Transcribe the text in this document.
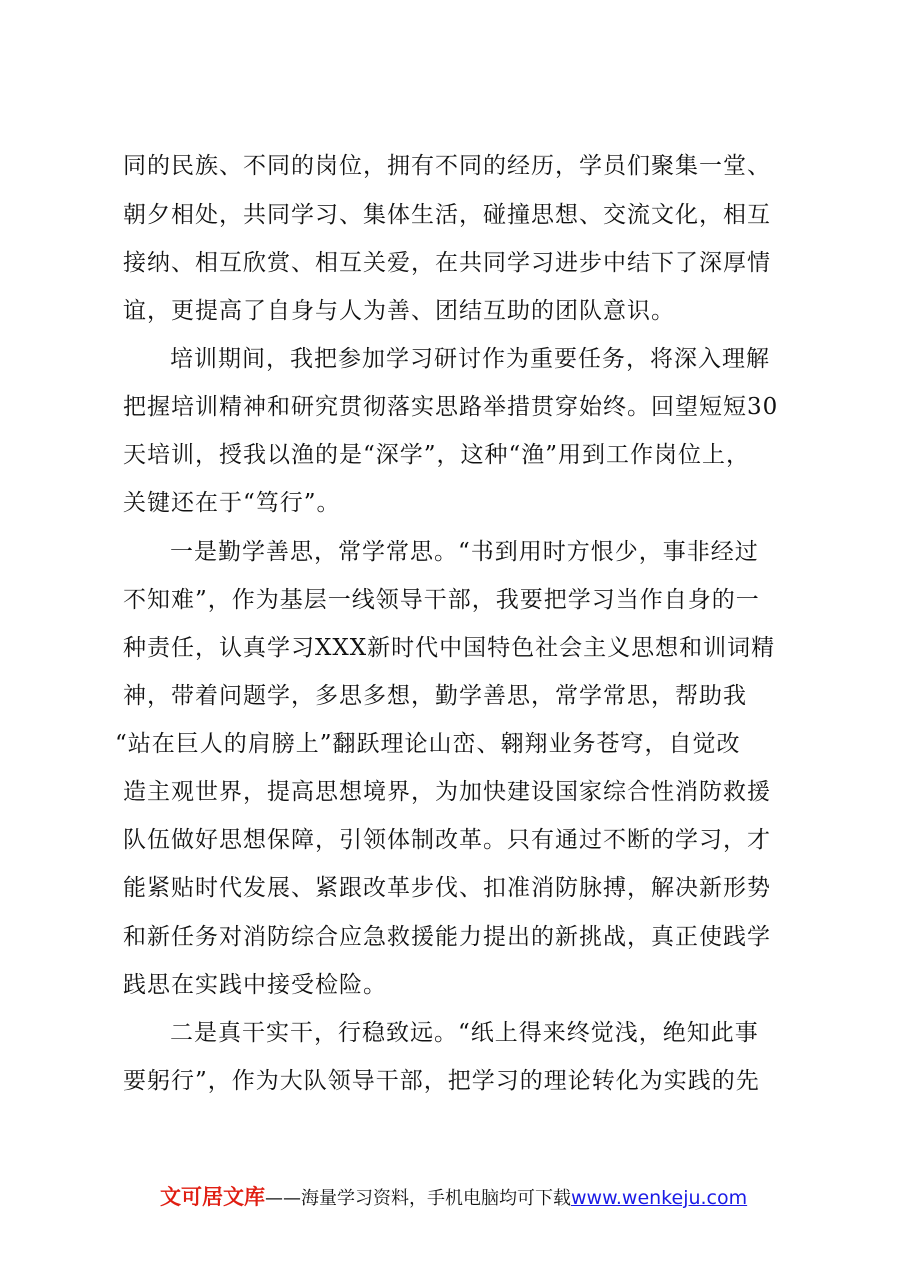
同的民族、不同的岗位，拥有不同的经历，学员们聚集一堂、
朝夕相处，共同学习、集体生活，碰撞思想、交流文化，相互
接纳、相互欣赏、相互关爱，在共同学习进步中结下了深厚情
谊，更提高了自身与人为善、团结互助的团队意识。
培训期间，我把参加学习研讨作为重要任务，将深入理解
把握培训精神和研究贯彻落实思路举措贯穿始终。回望短短30
天培训，授我以渔的是“深学”，这种“渔”用到工作岗位上，
关键还在于“笃行”。
一是勤学善思，常学常思。“书到用时方恨少，事非经过
不知难”，作为基层一线领导干部，我要把学习当作自身的一
种责任，认真学习XXX新时代中国特色社会主义思想和训词精
神，带着问题学，多思多想，勤学善思，常学常思，帮助我
“站在巨人的肩膀上”翻跃理论山峦、翱翔业务苍穹，自觉改
造主观世界，提高思想境界，为加快建设国家综合性消防救援
队伍做好思想保障，引领体制改革。只有通过不断的学习，才
能紧贴时代发展、紧跟改革步伐、扣准消防脉搏，解决新形势
和新任务对消防综合应急救援能力提出的新挑战，真正使践学
践思在实践中接受检险。
二是真干实干，行稳致远。“纸上得来终觉浅，绝知此事
要躬行”，作为大队领导干部，把学习的理论转化为实践的先
文可居文库——海量学习资料，手机电脑均可下载www.wenkeju.com
